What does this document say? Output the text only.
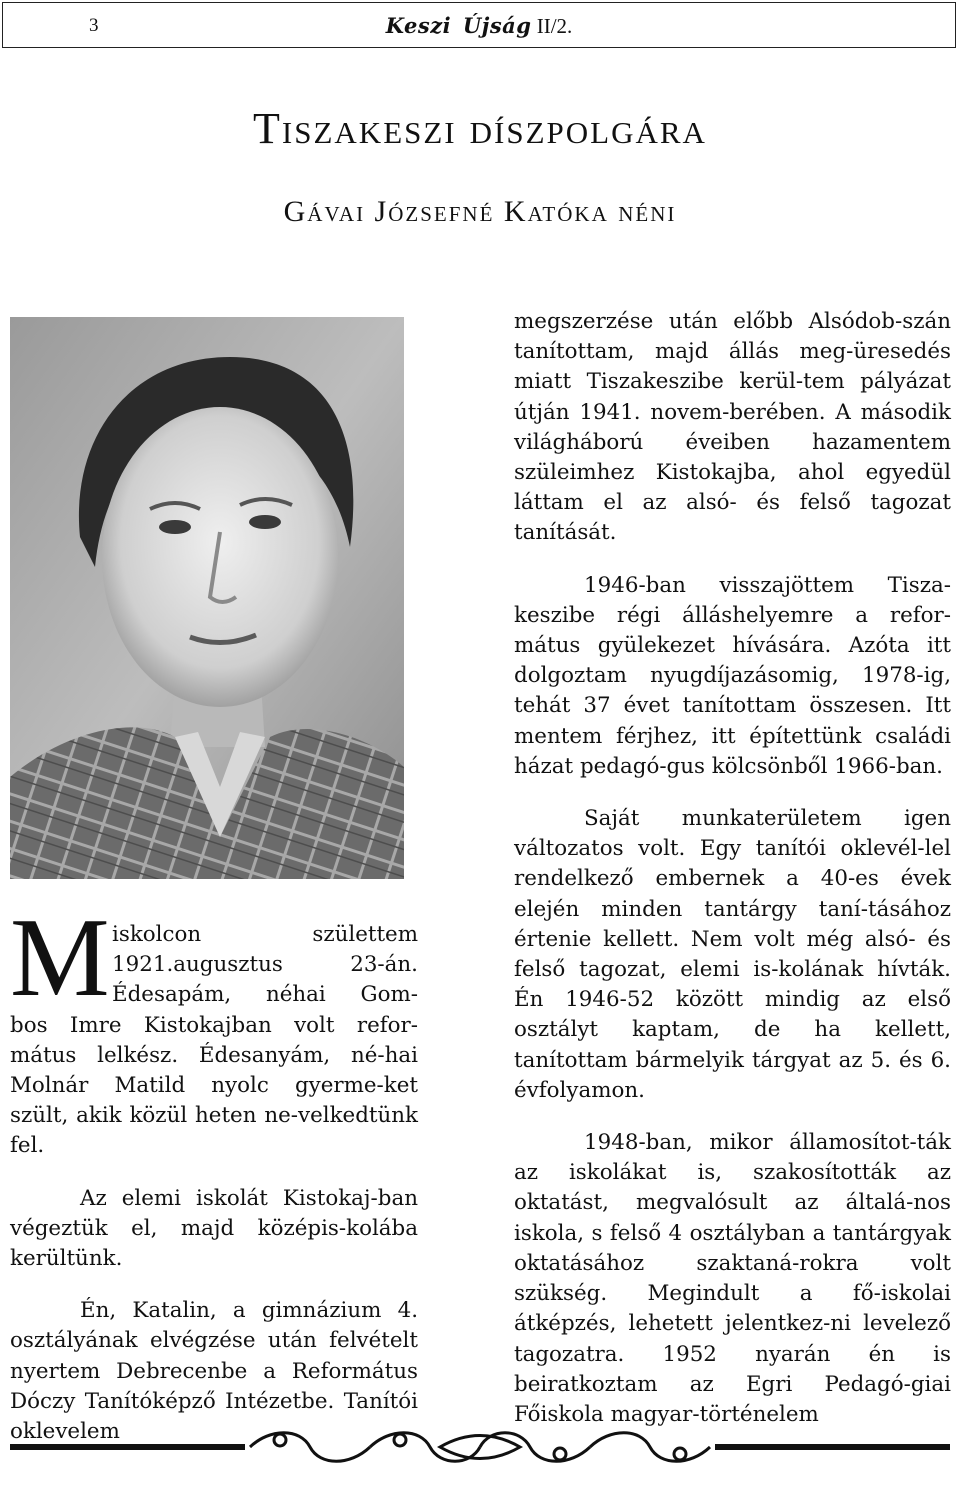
3	Keszi Újság II/2.
Tiszakeszi díszpolgára
Gávai Józsefné Katóka néni
M iskolcon születtem

1921.augusztus 23-án.

Édesapám, néhai Gom-

bos Imre Kistokajban volt refor-mátus lelkész. Édesanyám, né-hai Molnár Matild nyolc gyerme-ket szült, akik közül heten ne-velkedtünk fel.

Az elemi iskolát Kistokaj-ban végeztük el, majd középis-kolába kerültünk.

Én, Katalin, a gimnázium 4. osztályának elvégzése után felvételt nyertem Debrecenbe a Református Dóczy Tanítóképző Intézetbe. Tanítói oklevelem

megszerzése után előbb Alsódob-szán tanítottam, majd állás meg-üresedés miatt Tiszakeszibe kerül-tem pályázat útján 1941. novem-berében. A második világháború éveiben hazamentem szüleimhez Kistokajba, ahol egyedül láttam el az alsó- és felső tagozat tanítását.

1946-ban visszajöttem Tisza-keszibe régi álláshelyemre a refor-mátus gyülekezet hívására. Azóta itt dolgoztam nyugdíjazásomig, 1978-ig, tehát 37 évet tanítottam összesen. Itt mentem férjhez, itt építettünk családi házat pedagó-gus kölcsönből 1966-ban.

Saját munkaterületem igen változatos volt. Egy tanítói oklevél-lel rendelkező embernek a 40-es évek elején minden tantárgy taní-tásához értenie kellett. Nem volt még alsó- és felső tagozat, elemi is-kolának hívták. Én 1946-52 között mindig az első osztályt kaptam, de ha kellett, tanítottam bármelyik tárgyat az 5. és 6. évfolyamon.

1948-ban, mikor államosítot-ták az iskolákat is, szakosították az oktatást, megvalósult az általá-nos iskola, s felső 4 osztályban a tantárgyak oktatásához szaktaná-rokra volt szükség. Megindult a fő-iskolai átképzés, lehetett jelentkez-ni levelező tagozatra. 1952 nyarán én is beiratkoztam az Egri Pedagó-giai Főiskola magyar-történelem
